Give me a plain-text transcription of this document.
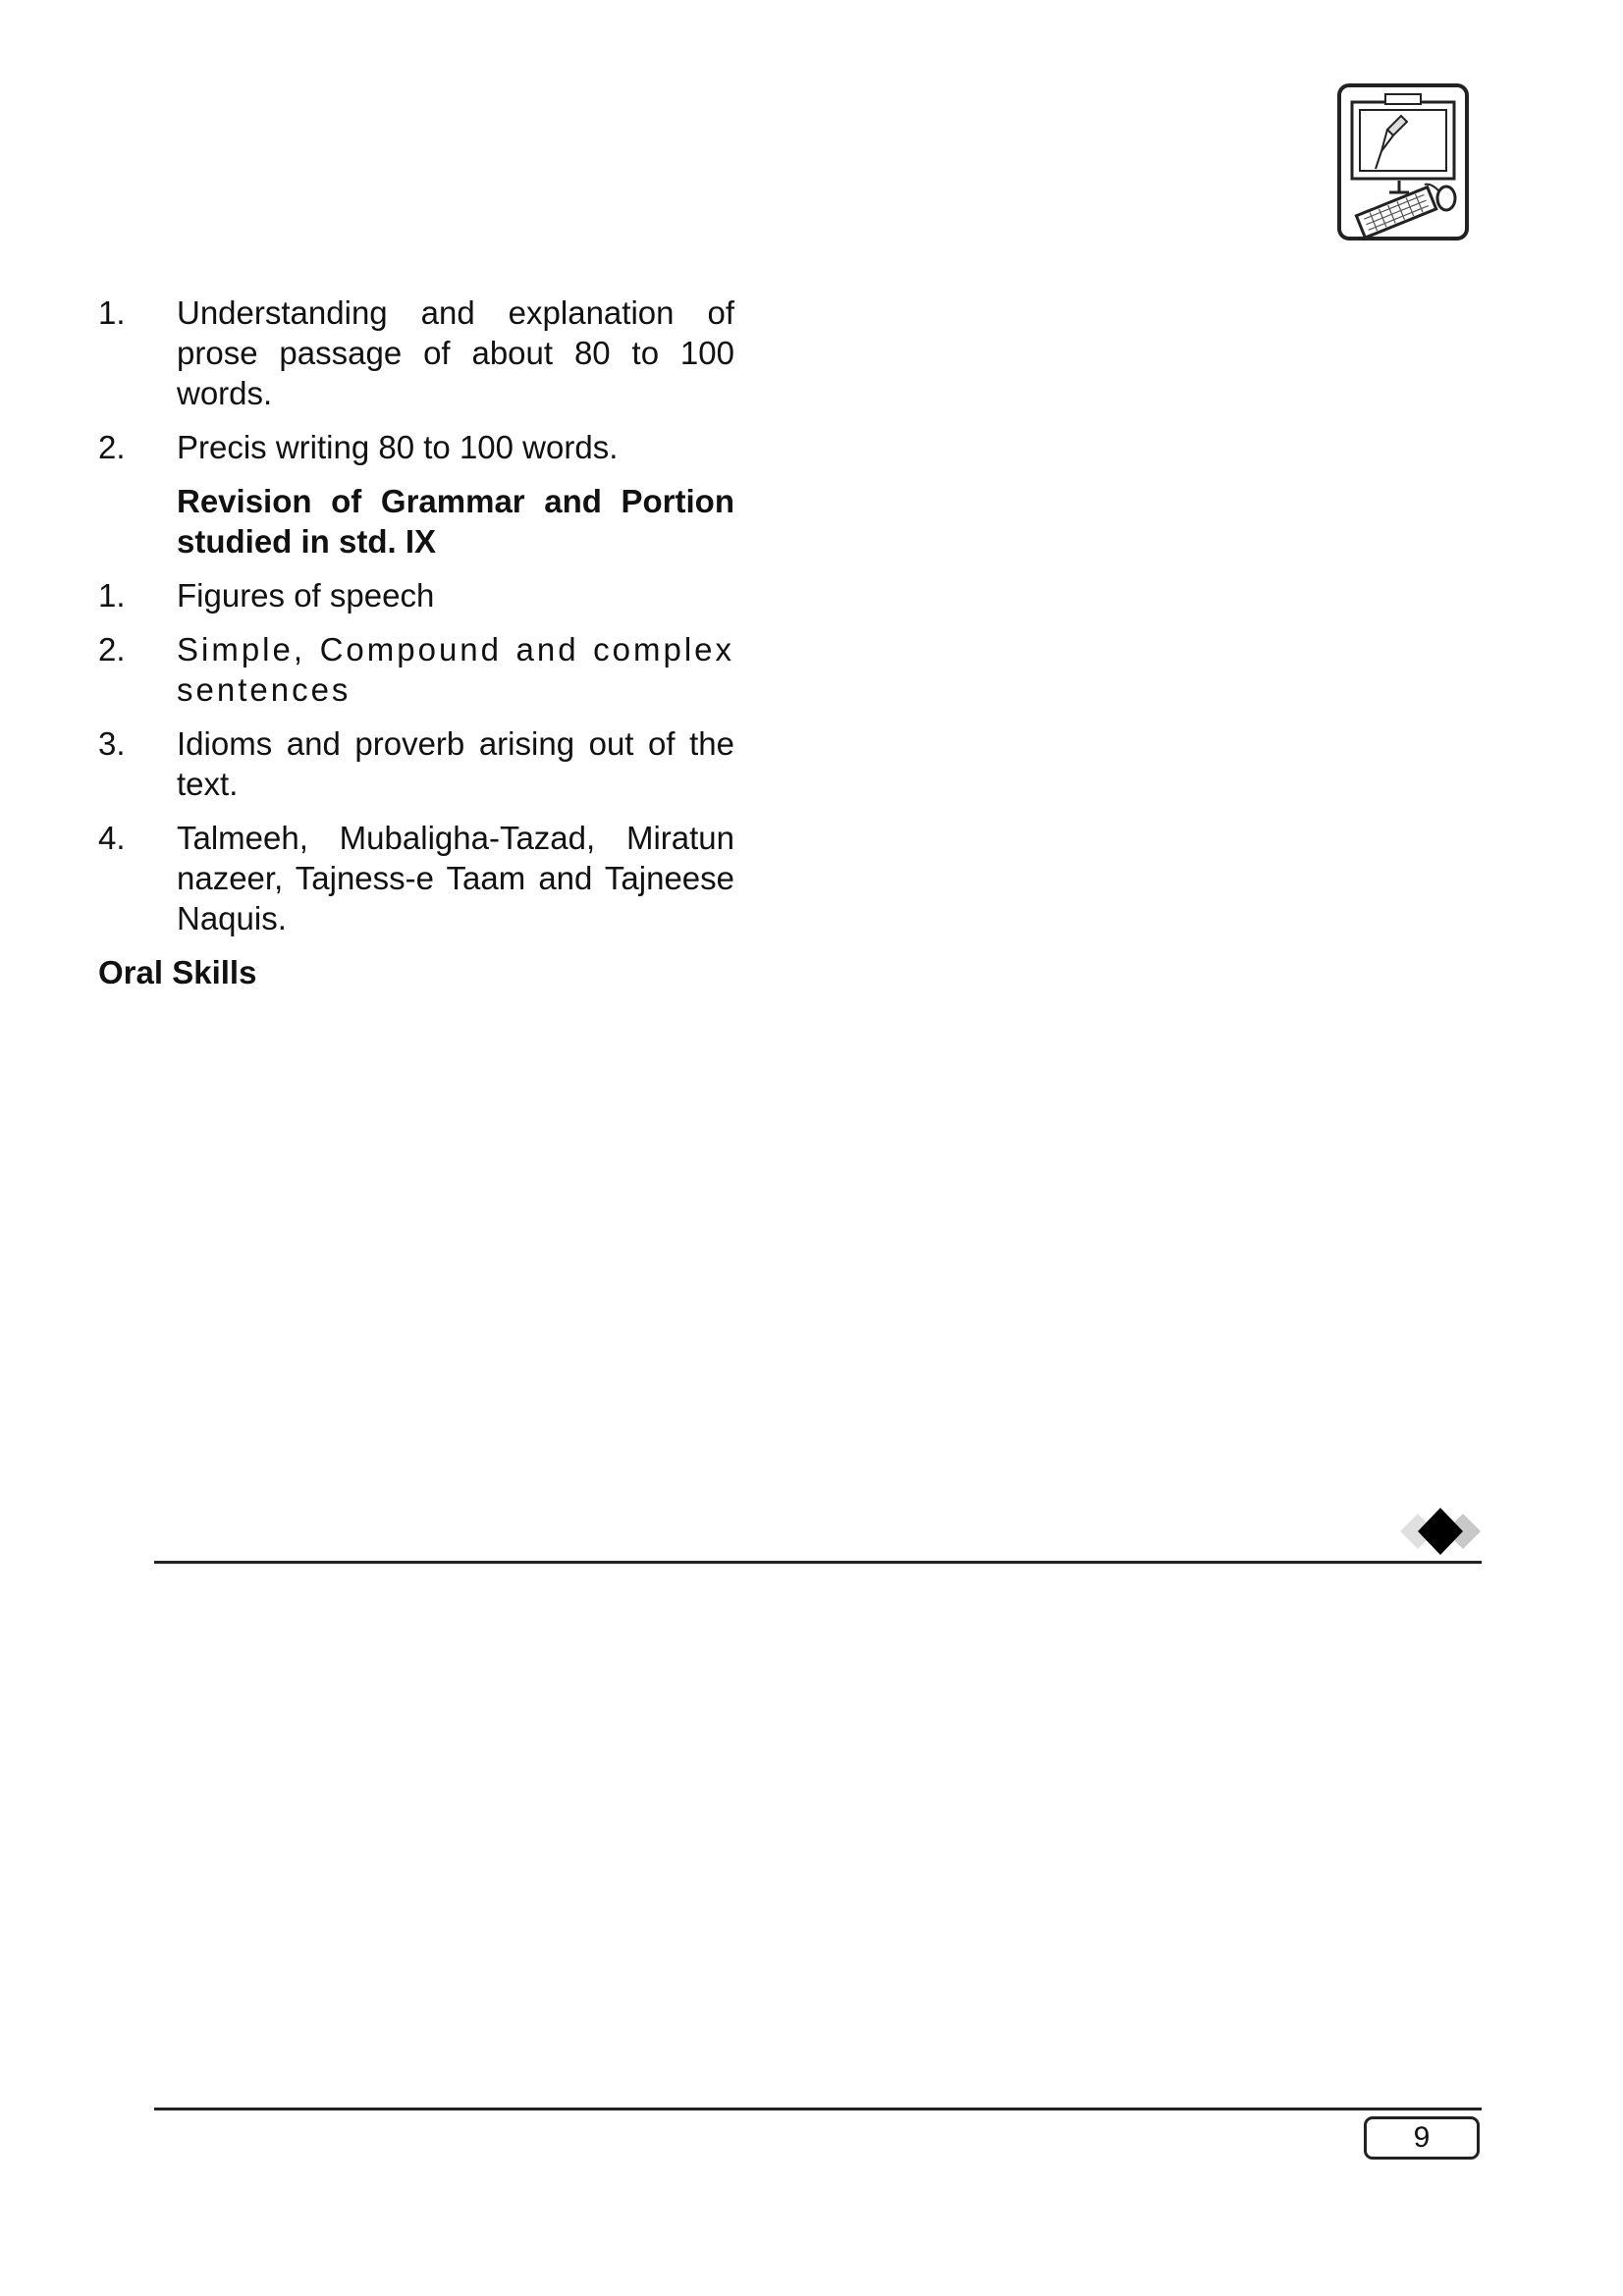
1.	Understanding and explanation of prose passage of about 80 to 100 words.
2.	Precis writing 80 to 100 words.
Revision of Grammar and Portion studied in std. IX
1.	Figures of speech
2.	Simple, Compound and complex sentences
3.	Idioms and proverb arising out of the text.
4.	Talmeeh, Mubaligha-Tazad, Miratun nazeer, Tajness-e Taam and Tajneese Naquis.
Oral Skills
9
